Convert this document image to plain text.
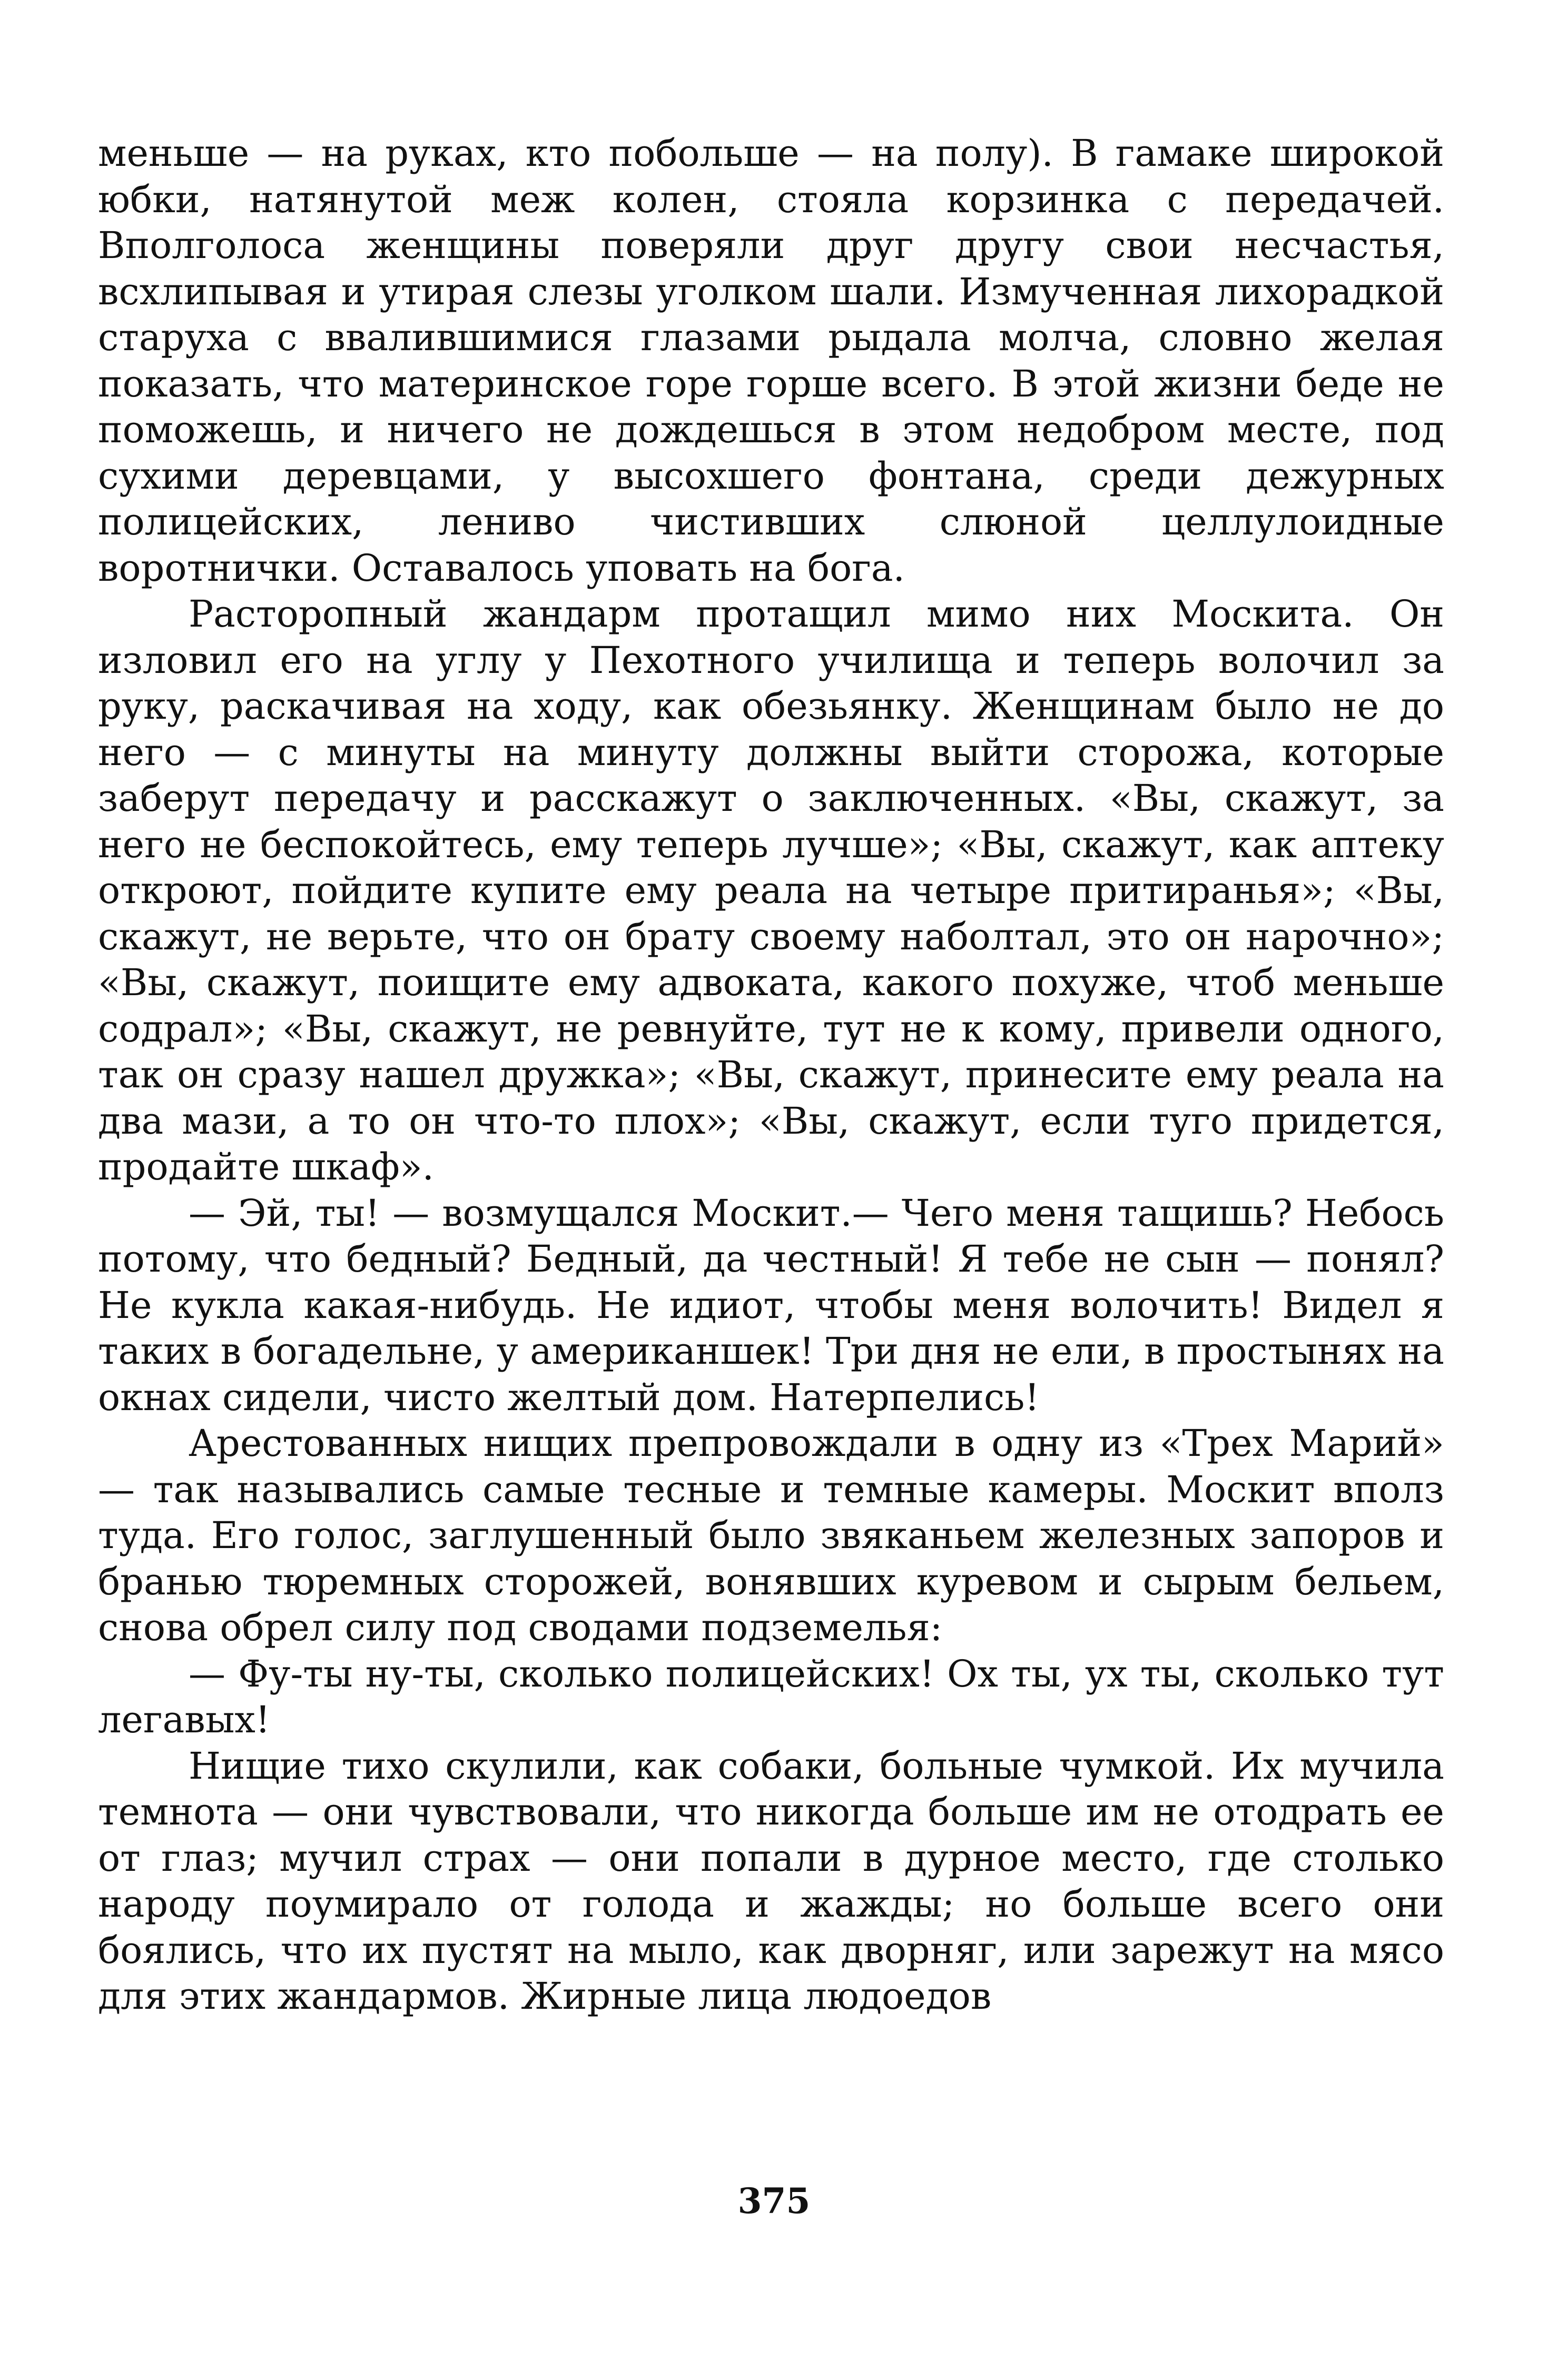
меньше — на руках, кто побольше — на полу). В гамаке широкой юбки, натянутой меж колен, стояла корзинка с передачей. Вполголоса женщины поверяли друг другу свои несчастья, всхлипывая и утирая слезы уголком шали. Измученная лихорадкой старуха с ввалившимися глазами рыдала молча, словно желая показать, что материнское горе горше всего. В этой жизни беде не поможешь, и ничего не дождешься в этом недобром месте, под сухими деревцами, у высохшего фонтана, среди дежурных полицейских, лениво чистивших слюной целлулоидные воротнички. Оставалось уповать на бога.

Расторопный жандарм протащил мимо них Москита. Он изловил его на углу у Пехотного училища и теперь волочил за руку, раскачивая на ходу, как обезьянку. Женщинам было не до него — с минуты на минуту должны выйти сторожа, которые заберут передачу и расскажут о заключенных. «Вы, скажут, за него не беспокойтесь, ему теперь лучше»; «Вы, скажут, как аптеку откроют, пойдите купите ему реала на четыре притиранья»; «Вы, скажут, не верьте, что он брату своему наболтал, это он нарочно»; «Вы, скажут, поищите ему адвоката, какого похуже, чтоб меньше содрал»; «Вы, скажут, не ревнуйте, тут не к кому, привели одного, так он сразу нашел дружка»; «Вы, скажут, принесите ему реала на два мази, а то он что-то плох»; «Вы, скажут, если туго придется, продайте шкаф».

— Эй, ты! — возмущался Москит.— Чего меня тащишь? Небось потому, что бедный? Бедный, да честный! Я тебе не сын — понял? Не кукла какая-нибудь. Не идиот, чтобы меня волочить! Видел я таких в богадельне, у американшек! Три дня не ели, в простынях на окнах сидели, чисто желтый дом. Натерпелись!

Арестованных нищих препровождали в одну из «Трех Марий» — так назывались самые тесные и темные камеры. Москит вполз туда. Его голос, заглушенный было звяканьем железных запоров и бранью тюремных сторожей, вонявших куревом и сырым бельем, снова обрел силу под сводами подземелья:

— Фу-ты ну-ты, сколько полицейских! Ох ты, ух ты, сколько тут легавых!

Нищие тихо скулили, как собаки, больные чумкой. Их мучила темнота — они чувствовали, что никогда больше им не отодрать ее от глаз; мучил страх — они попали в дурное место, где столько народу поумирало от голода и жажды; но больше всего они боялись, что их пустят на мыло, как дворняг, или зарежут на мясо для этих жандармов. Жирные лица людоедов

375
